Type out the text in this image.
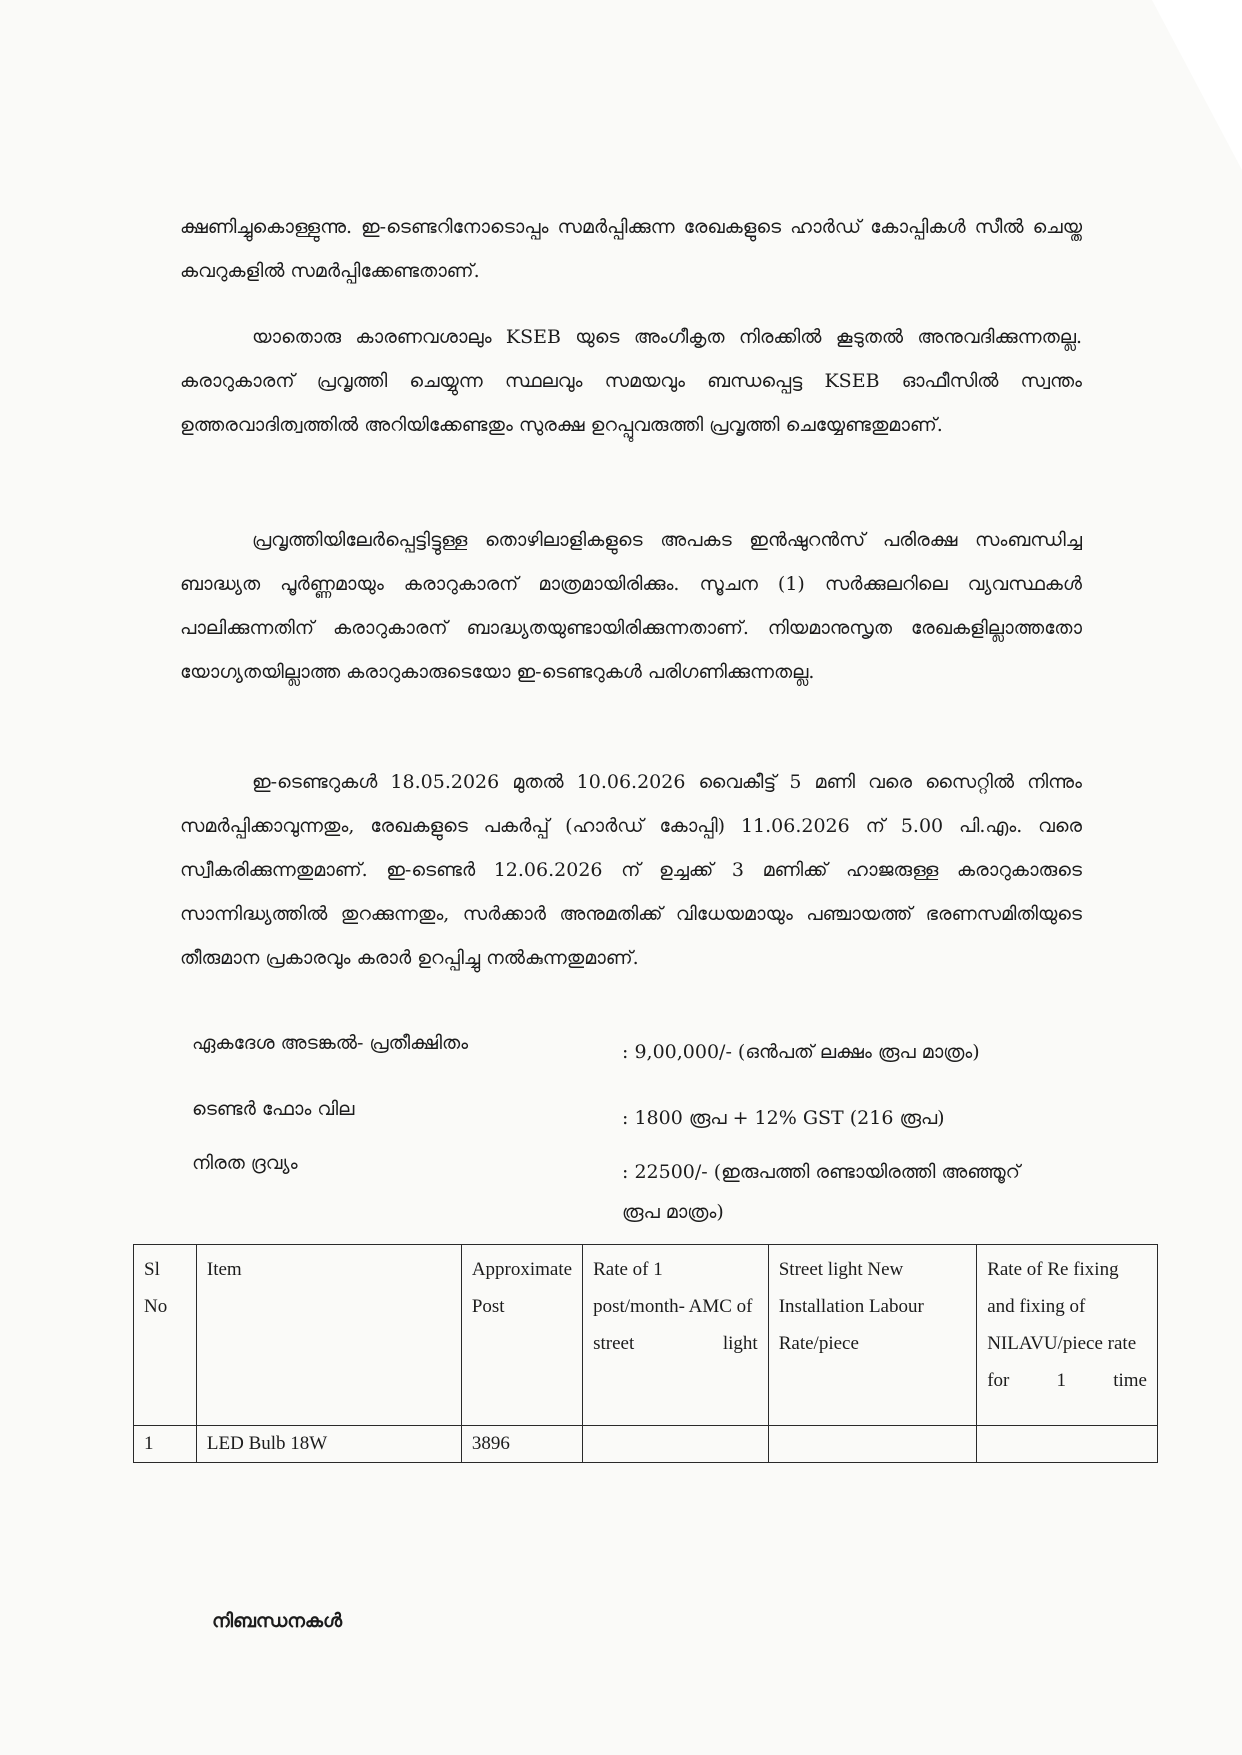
ക്ഷണിച്ചുകൊള്ളുന്നു. ഇ-ടെണ്ടറിനോടൊപ്പം സമർപ്പിക്കുന്ന രേഖകളുടെ ഹാർഡ് കോപ്പികൾ സീൽ ചെയ്ത കവറുകളിൽ സമർപ്പിക്കേണ്ടതാണ്.

യാതൊരു കാരണവശാലും KSEB യുടെ അംഗീകൃത നിരക്കിൽ കൂടുതൽ അനുവദിക്കുന്നതല്ല. കരാറുകാരന് പ്രവൃത്തി ചെയ്യുന്ന സ്ഥലവും സമയവും ബന്ധപ്പെട്ട KSEB ഓഫീസിൽ സ്വന്തം ഉത്തരവാദിത്വത്തിൽ അറിയിക്കേണ്ടതും സുരക്ഷ ഉറപ്പുവരുത്തി പ്രവൃത്തി ചെയ്യേണ്ടതുമാണ്.

പ്രവൃത്തിയിലേർപ്പെട്ടിട്ടുള്ള തൊഴിലാളികളുടെ അപകട ഇൻഷുറൻസ് പരിരക്ഷ സംബന്ധിച്ച ബാദ്ധ്യത പൂർണ്ണമായും കരാറുകാരന് മാത്രമായിരിക്കും. സൂചന (1) സർക്കുലറിലെ വ്യവസ്ഥകൾ പാലിക്കുന്നതിന് കരാറുകാരന് ബാദ്ധ്യതയുണ്ടായിരിക്കുന്നതാണ്. നിയമാനുസൃത രേഖകളില്ലാത്തതോ യോഗ്യതയില്ലാത്ത കരാറുകാരുടെയോ ഇ-ടെണ്ടറുകൾ പരിഗണിക്കുന്നതല്ല.

ഇ-ടെണ്ടറുകൾ 18.05.2026 മുതൽ 10.06.2026 വൈകീട്ട് 5 മണി വരെ സൈറ്റിൽ നിന്നും സമർപ്പിക്കാവുന്നതും, രേഖകളുടെ പകർപ്പ് (ഹാർഡ് കോപ്പി) 11.06.2026 ന് 5.00 പി.എം. വരെ സ്വീകരിക്കുന്നതുമാണ്. ഇ-ടെണ്ടർ 12.06.2026 ന് ഉച്ചക്ക് 3 മണിക്ക് ഹാജരുള്ള കരാറുകാരുടെ സാന്നിദ്ധ്യത്തിൽ തുറക്കുന്നതും, സർക്കാർ അനുമതിക്ക് വിധേയമായും പഞ്ചായത്ത് ഭരണസമിതിയുടെ തീരുമാന പ്രകാരവും കരാർ ഉറപ്പിച്ചു നൽകുന്നതുമാണ്.

ഏകദേശ അടങ്കൽ- പ്രതീക്ഷിതം	: 9,00,000/- (ഒൻപത് ലക്ഷം രൂപ മാത്രം)
ടെണ്ടർ ഫോം വില	: 1800 രൂപ + 12% GST (216 രൂപ)
നിരത ദ്രവ്യം	: 22500/- (ഇരുപത്തി രണ്ടായിരത്തി അഞ്ഞൂറ് രൂപ മാത്രം)
Sl No	Item	Approximate Post	Rate of 1 post/month- AMC of street light	Street light New Installation Labour Rate/piece	Rate of Re fixing and fixing of NILAVU/piece rate for 1 time
1	LED Bulb 18W	3896			
നിബന്ധനകൾ
